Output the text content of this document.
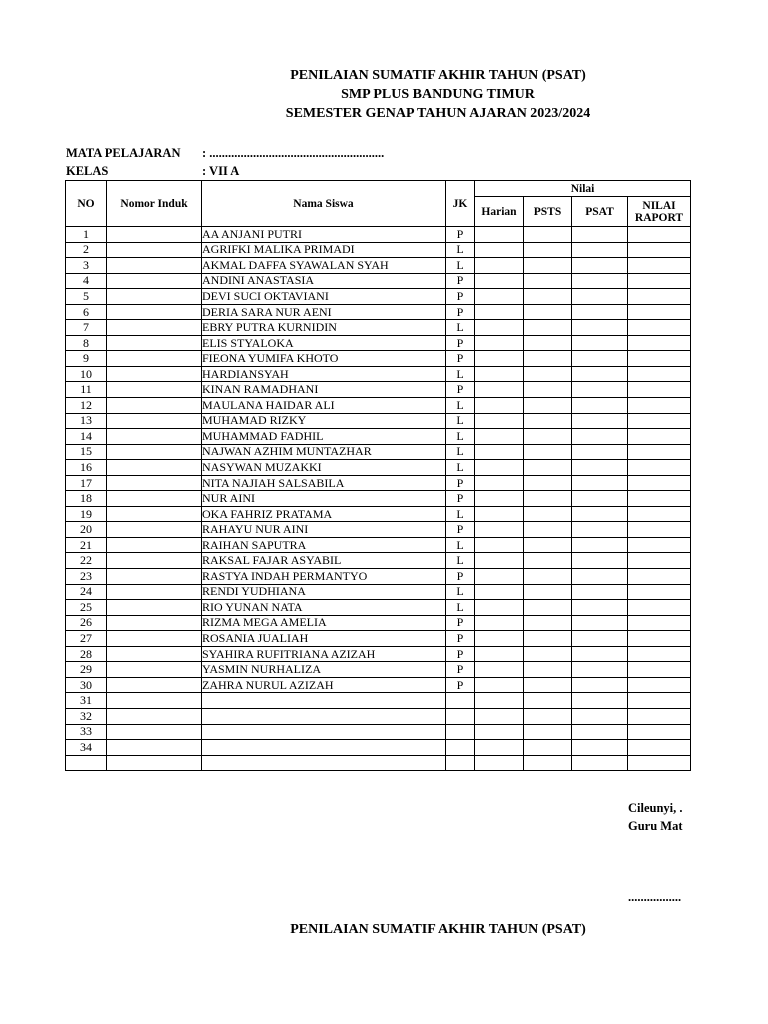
PENILAIAN SUMATIF AKHIR TAHUN (PSAT)
SMP PLUS BANDUNG TIMUR
SEMESTER GENAP TAHUN AJARAN 2023/2024
MATA PELAJARAN : ........................................................
KELAS	: VII A
NO	Nomor Induk	Nama Siswa	JK	Nilai			
				Harian	PSTS	PSAT	NILAI RAPORT
1		AA ANJANI PUTRI	P				
2		AGRIFKI MALIKA PRIMADI	L				
3		AKMAL DAFFA SYAWALAN SYAH	L				
4		ANDINI ANASTASIA	P				
5		DEVI SUCI OKTAVIANI	P				
6		DERIA SARA NUR AENI	P				
7		EBRY PUTRA KURNIDIN	L				
8		ELIS STYALOKA	P				
9		FIEONA YUMIFA KHOTO	P				
10		HARDIANSYAH	L				
11		KINAN RAMADHANI	P				
12		MAULANA HAIDAR ALI	L				
13		MUHAMAD RIZKY	L				
14		MUHAMMAD FADHIL	L				
15		NAJWAN AZHIM MUNTAZHAR	L				
16		NASYWAN MUZAKKI	L				
17		NITA NAJIAH SALSABILA	P				
18		NUR AINI	P				
19		OKA FAHRIZ PRATAMA	L				
20		RAHAYU NUR AINI	P				
21		RAIHAN SAPUTRA	L				
22		RAKSAL FAJAR ASYABIL	L				
23		RASTYA INDAH PERMANTYO	P				
24		RENDI YUDHIANA	L				
25		RIO YUNAN NATA	L				
26		RIZMA MEGA AMELIA	P				
27		ROSANIA JUALIAH	P				
28		SYAHIRA RUFITRIANA AZIZAH	P				
29		YASMIN NURHALIZA	P				
30		ZAHRA NURUL AZIZAH	P				
31							
32							
33							
34							

Cileunyi, .
Guru Mat
.................
PENILAIAN SUMATIF AKHIR TAHUN (PSAT)
